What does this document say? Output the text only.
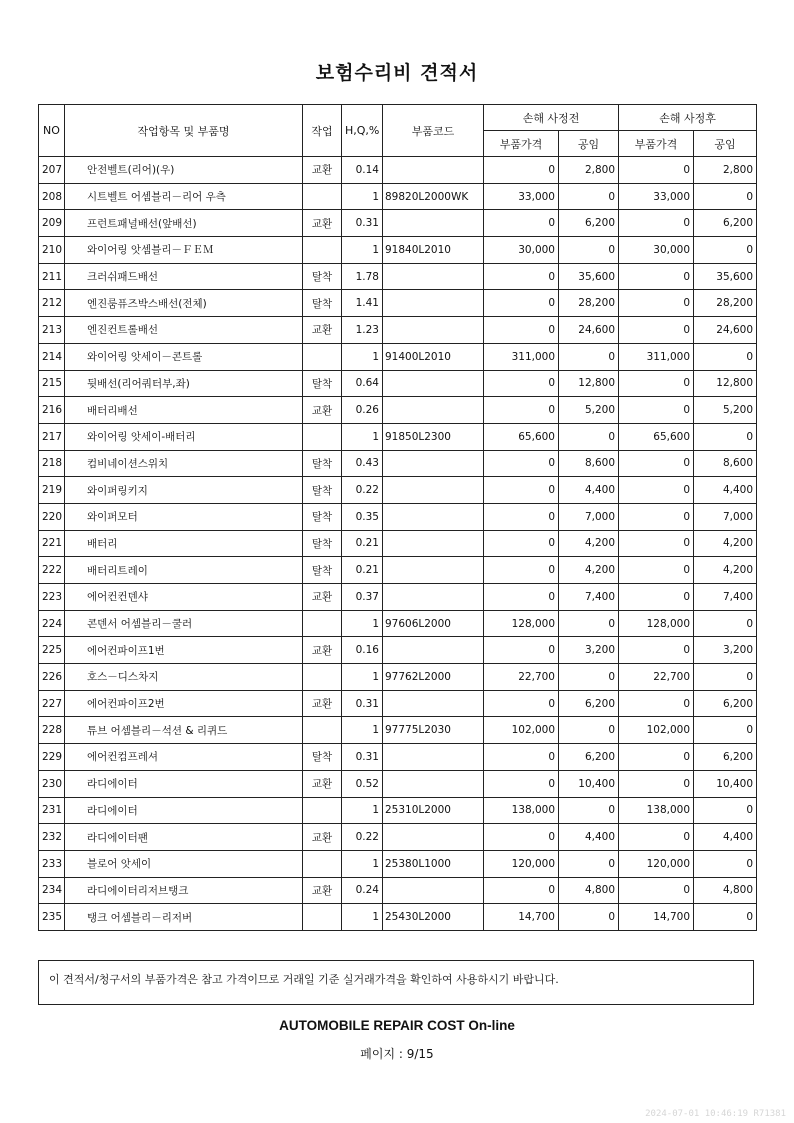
보험수리비 견적서
NO	작업항목 및 부품명	작업	H,Q,%	부품코드	손해 사정전		손해 사정후	
					부품가격	공임	부품가격	공임
207	안전벨트(리어)(우)	교환	0.14		0	2,800	0	2,800
208	시트벨트 어셈블리－리어 우측		1	89820L2000WK	33,000	0	33,000	0
209	프런트패널배선(앞배선)	교환	0.31		0	6,200	0	6,200
210	와이어링 앗셈블리－ＦＥＭ		1	91840L2010	30,000	0	30,000	0
211	크러쉬패드배선	탈착	1.78		0	35,600	0	35,600
212	엔진룸퓨즈박스배선(전체)	탈착	1.41		0	28,200	0	28,200
213	엔진컨트롤배선	교환	1.23		0	24,600	0	24,600
214	와이어링 앗세이－콘트롤		1	91400L2010	311,000	0	311,000	0
215	뒷배선(리어쿼터부,좌)	탈착	0.64		0	12,800	0	12,800
216	배터리배선	교환	0.26		0	5,200	0	5,200
217	와이어링 앗세이-배터리		1	91850L2300	65,600	0	65,600	0
218	컴비네이션스위치	탈착	0.43		0	8,600	0	8,600
219	와이퍼링키지	탈착	0.22		0	4,400	0	4,400
220	와이퍼모터	탈착	0.35		0	7,000	0	7,000
221	배터리	탈착	0.21		0	4,200	0	4,200
222	배터리트레이	탈착	0.21		0	4,200	0	4,200
223	에어컨컨덴샤	교환	0.37		0	7,400	0	7,400
224	콘덴서 어셈블리－쿨러		1	97606L2000	128,000	0	128,000	0
225	에어컨파이프1번	교환	0.16		0	3,200	0	3,200
226	호스－디스차지		1	97762L2000	22,700	0	22,700	0
227	에어컨파이프2번	교환	0.31		0	6,200	0	6,200
228	튜브 어셈블리－석션 & 리퀴드		1	97775L2030	102,000	0	102,000	0
229	에어컨컴프레셔	탈착	0.31		0	6,200	0	6,200
230	라디에이터	교환	0.52		0	10,400	0	10,400
231	라디에이터		1	25310L2000	138,000	0	138,000	0
232	라디에이터팬	교환	0.22		0	4,400	0	4,400
233	블로어 앗세이		1	25380L1000	120,000	0	120,000	0
234	라디에이터리저브탱크	교환	0.24		0	4,800	0	4,800
235	탱크 어셈블리－리저버		1	25430L2000	14,700	0	14,700	0
이 견적서/청구서의 부품가격은 참고 가격이므로 거래일 기준 실거래가격을 확인하여 사용하시기 바랍니다.
AUTOMOBILE REPAIR COST On-line
페이지 : 9/15
2024-07-01 10:46:19 R71381
